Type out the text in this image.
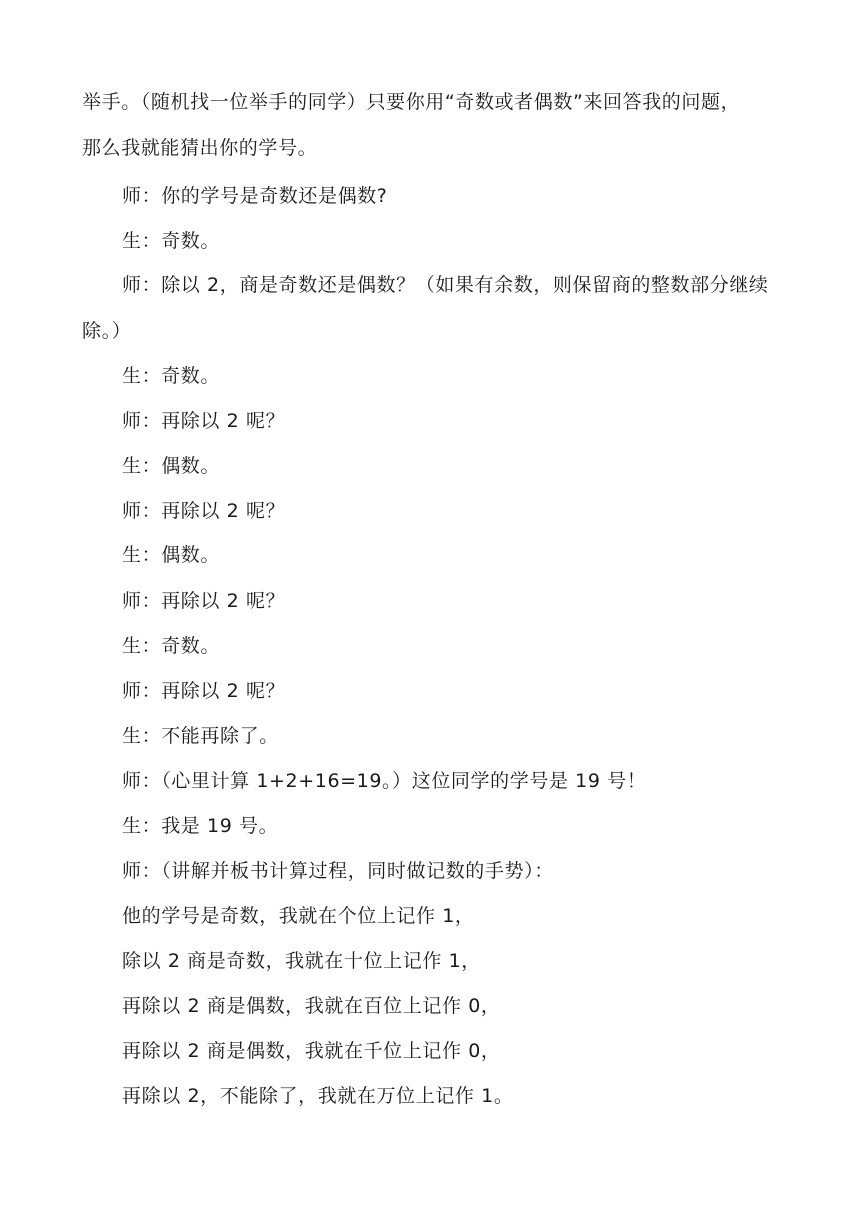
举手。（随机找一位举手的同学）只要你用“奇数或者偶数”来回答我的问题，
那么我就能猜出你的学号。
师：你的学号是奇数还是偶数?
生：奇数。
师：除以 2，商是奇数还是偶数？（如果有余数，则保留商的整数部分继续
除。）
生：奇数。
师：再除以 2 呢？
生：偶数。
师：再除以 2 呢？
生：偶数。
师：再除以 2 呢？
生：奇数。
师：再除以 2 呢？
生：不能再除了。
师：（心里计算 1+2+16=19。）这位同学的学号是 19 号！
生：我是 19 号。
师：（讲解并板书计算过程，同时做记数的手势）：
他的学号是奇数，我就在个位上记作 1，
除以 2 商是奇数，我就在十位上记作 1，
再除以 2 商是偶数，我就在百位上记作 0，
再除以 2 商是偶数，我就在千位上记作 0，
再除以 2，不能除了，我就在万位上记作 1。
